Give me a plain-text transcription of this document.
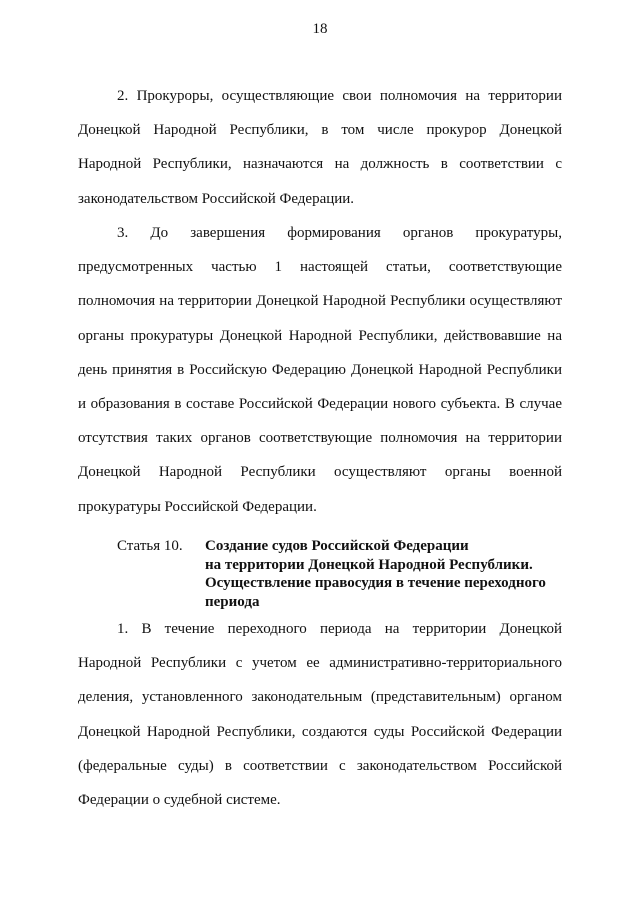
18

2. Прокуроры, осуществляющие свои полномочия на территории Донецкой Народной Республики, в том числе прокурор Донецкой Народной Республики, назначаются на должность в соответствии с законодательством Российской Федерации.

3. До завершения формирования органов прокуратуры, предусмотренных частью 1 настоящей статьи, соответствующие полномочия на территории Донецкой Народной Республики осуществляют органы прокуратуры Донецкой Народной Республики, действовавшие на день принятия в Российскую Федерацию Донецкой Народной Республики и образования в составе Российской Федерации нового субъекта. В случае отсутствия таких органов соответствующие полномочия на территории Донецкой Народной Республики осуществляют органы военной прокуратуры Российской Федерации.

Статья 10. Создание судов Российской Федерации
на территории Донецкой Народной Республики.
Осуществление правосудия в течение переходного
периода

1. В течение переходного периода на территории Донецкой Народной Республики с учетом ее административно-территориального деления, установленного законодательным (представительным) органом Донецкой Народной Республики, создаются суды Российской Федерации (федеральные суды) в соответствии с законодательством Российской Федерации о судебной системе.
